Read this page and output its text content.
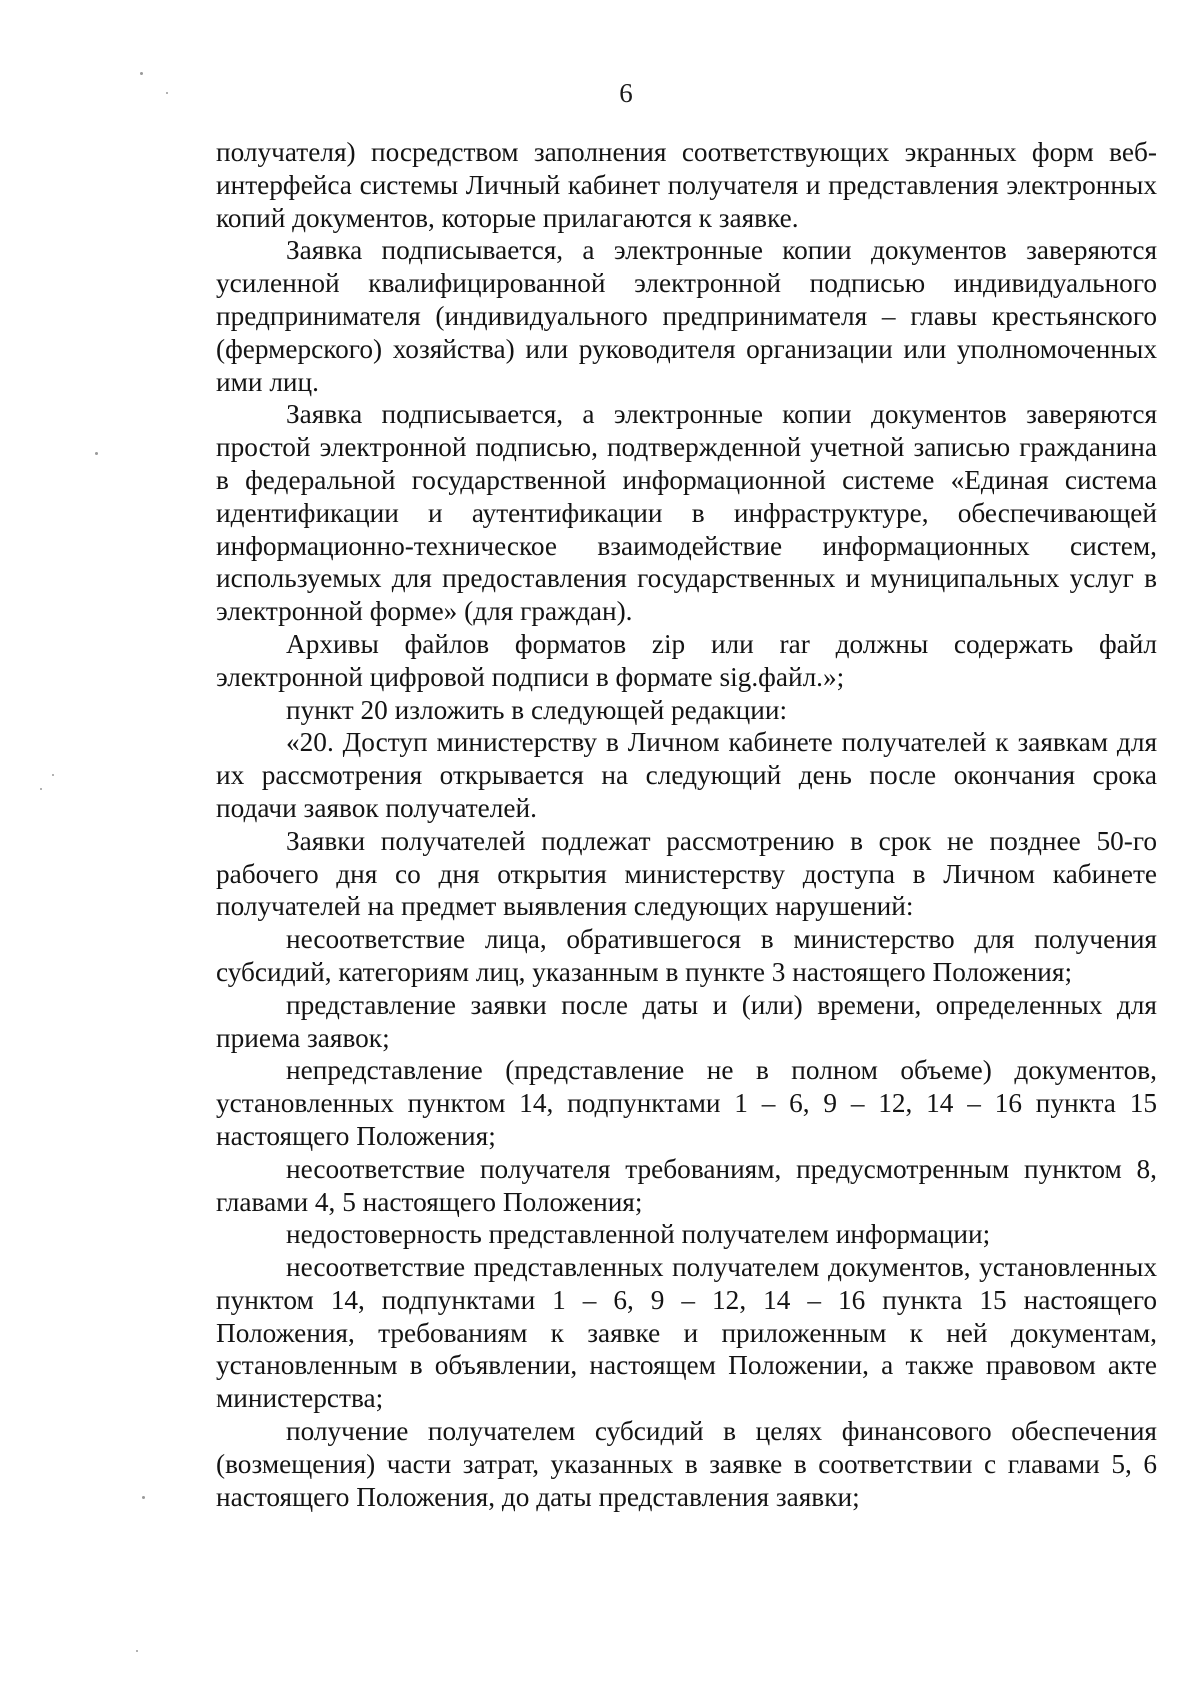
6

получателя) посредством заполнения соответствующих экранных форм веб-интерфейса системы Личный кабинет получателя и представления электронных копий документов, которые прилагаются к заявке.

Заявка подписывается, а электронные копии документов заверяются усиленной квалифицированной электронной подписью индивидуального предпринимателя (индивидуального предпринимателя – главы крестьянского (фермерского) хозяйства) или руководителя организации или уполномоченных ими лиц.

Заявка подписывается, а электронные копии документов заверяются простой электронной подписью, подтвержденной учетной записью гражданина в федеральной государственной информационной системе «Единая система идентификации и аутентификации в инфраструктуре, обеспечивающей информационно-техническое взаимодействие информационных систем, используемых для предоставления государственных и муниципальных услуг в электронной форме» (для граждан).

Архивы файлов форматов zip или rar должны содержать файл электронной цифровой подписи в формате sig.файл.»;

пункт 20 изложить в следующей редакции:

«20. Доступ министерству в Личном кабинете получателей к заявкам для их рассмотрения открывается на следующий день после окончания срока подачи заявок получателей.

Заявки получателей подлежат рассмотрению в срок не позднее 50-го рабочего дня со дня открытия министерству доступа в Личном кабинете получателей на предмет выявления следующих нарушений:

несоответствие лица, обратившегося в министерство для получения субсидий, категориям лиц, указанным в пункте 3 настоящего Положения;

представление заявки после даты и (или) времени, определенных для приема заявок;

непредставление (представление не в полном объеме) документов, установленных пунктом 14, подпунктами 1 – 6, 9 – 12, 14 – 16 пункта 15 настоящего Положения;

несоответствие получателя требованиям, предусмотренным пунктом 8, главами 4, 5 настоящего Положения;

недостоверность представленной получателем информации;

несоответствие представленных получателем документов, установленных пунктом 14, подпунктами 1 – 6, 9 – 12, 14 – 16 пункта 15 настоящего Положения, требованиям к заявке и приложенным к ней документам, установленным в объявлении, настоящем Положении, а также правовом акте министерства;

получение получателем субсидий в целях финансового обеспечения (возмещения) части затрат, указанных в заявке в соответствии с главами 5, 6 настоящего Положения, до даты представления заявки;
